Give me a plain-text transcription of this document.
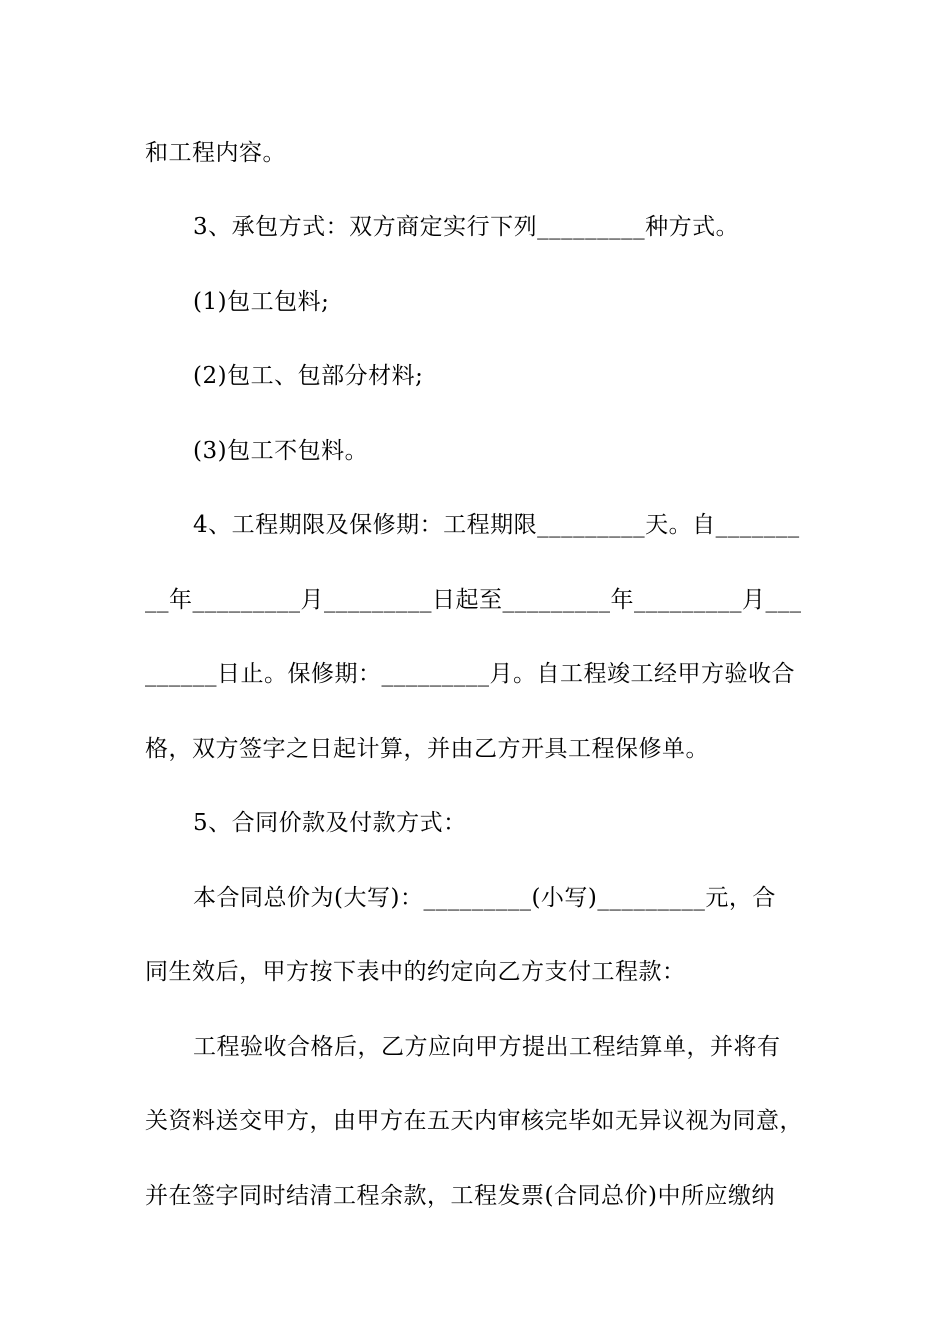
和工程内容。
3、承包方式：双方商定实行下列_________种方式。
(1)包工包料;
(2)包工、包部分材料;
(3)包工不包料。
4、工程期限及保修期：工程期限_________天。自_______
__年_________月_________日起至_________年_________月___
______日止。保修期：_________月。自工程竣工经甲方验收合
格，双方签字之日起计算，并由乙方开具工程保修单。
5、合同价款及付款方式：
本合同总价为(大写)：_________(小写)_________元，合
同生效后，甲方按下表中的约定向乙方支付工程款：
工程验收合格后，乙方应向甲方提出工程结算单，并将有
关资料送交甲方，由甲方在五天内审核完毕如无异议视为同意，
并在签字同时结清工程余款，工程发票(合同总价)中所应缴纳
